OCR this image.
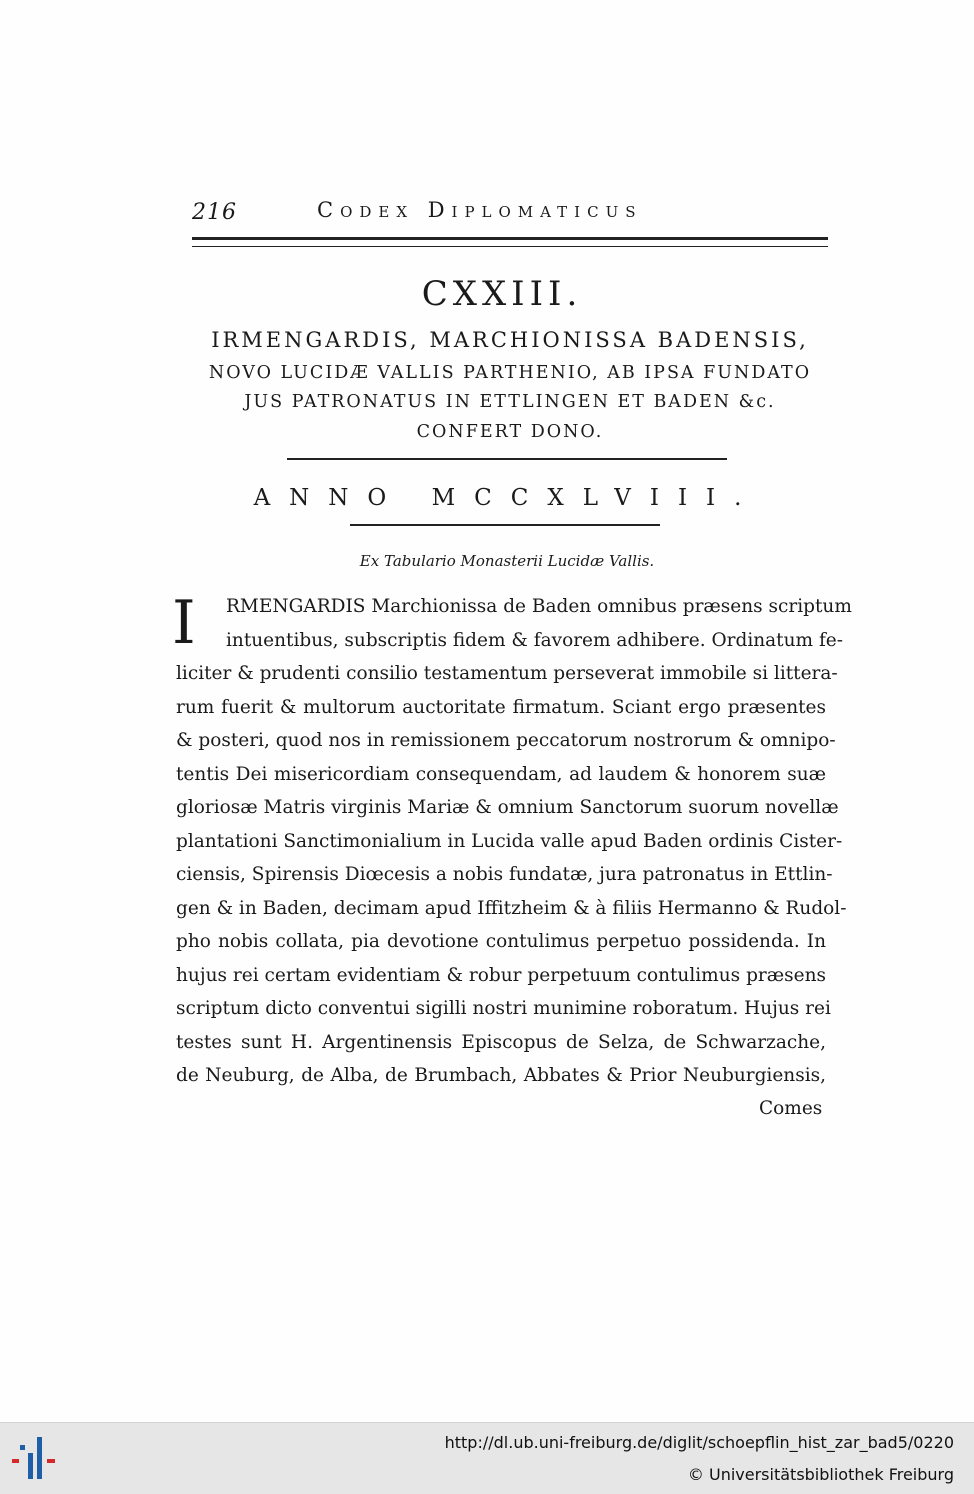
216	Codex Diplomaticus
CXXIII.
IRMENGARDIS, MARCHIONISSA BADENSIS,
NOVO LUCIDÆ VALLIS PARTHENIO, AB IPSA FUNDATO
JUS PATRONATUS IN ETTLINGEN ET BADEN &c.
CONFERT DONO.
ANNO MCCXLVIII.
Ex Tabulario Monasterii Lucidæ Vallis.
I	RMENGARDIS Marchionissa de Baden omnibus præsens scriptum
intuentibus, subscriptis fidem & favorem adhibere. Ordinatum fe-
liciter & prudenti consilio testamentum perseverat immobile si littera-
rum fuerit & multorum auctoritate firmatum. Sciant ergo præsentes
& posteri, quod nos in remissionem peccatorum nostrorum & omnipo-
tentis Dei misericordiam consequendam, ad laudem & honorem suæ
gloriosæ Matris virginis Mariæ & omnium Sanctorum suorum novellæ
plantationi Sanctimonialium in Lucida valle apud Baden ordinis Cister-
ciensis, Spirensis Diœcesis a nobis fundatæ, jura patronatus in Ettlin-
gen & in Baden, decimam apud Iffitzheim & à filiis Hermanno & Rudol-
pho nobis collata, pia devotione contulimus perpetuo possidenda. In
hujus rei certam evidentiam & robur perpetuum contulimus præsens
scriptum dicto conventui sigilli nostri munimine roboratum. Hujus rei
testes sunt H. Argentinensis Episcopus de Selza, de Schwarzache,
de Neuburg, de Alba, de Brumbach, Abbates & Prior Neuburgiensis,
Comes
http://dl.ub.uni-freiburg.de/diglit/schoepflin_hist_zar_bad5/0220
© Universitätsbibliothek Freiburg
